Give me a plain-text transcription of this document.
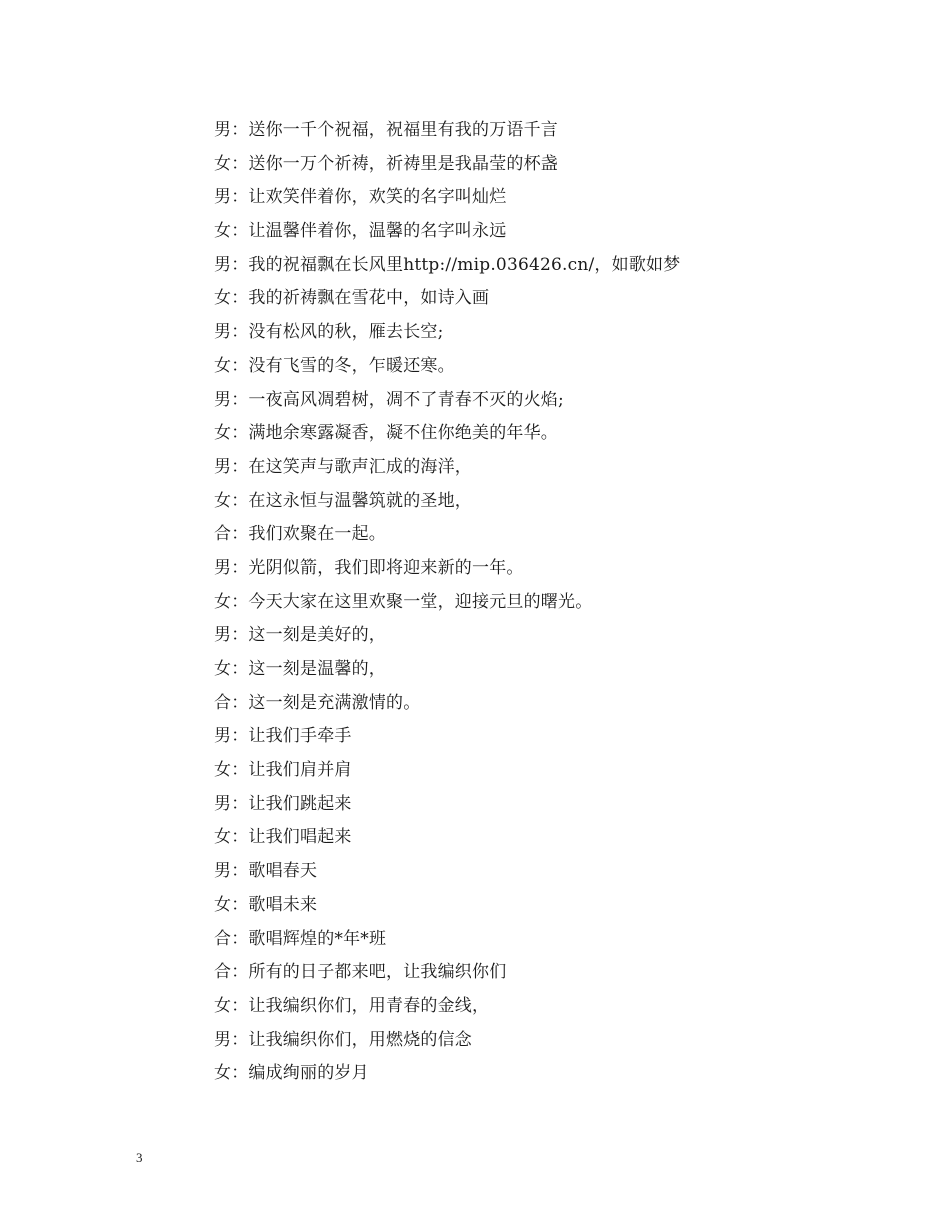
男：送你一千个祝福，祝福里有我的万语千言
女：送你一万个祈祷，祈祷里是我晶莹的杯盏
男：让欢笑伴着你，欢笑的名字叫灿烂
女：让温馨伴着你，温馨的名字叫永远
男：我的祝福飘在长风里http://mip.036426.cn/，如歌如梦
女：我的祈祷飘在雪花中，如诗入画
男：没有松风的秋，雁去长空;
女：没有飞雪的冬，乍暖还寒。
男：一夜高风凋碧树，凋不了青春不灭的火焰;
女：满地余寒露凝香，凝不住你绝美的年华。
男：在这笑声与歌声汇成的海洋，
女：在这永恒与温馨筑就的圣地，
合：我们欢聚在一起。
男：光阴似箭，我们即将迎来新的一年。
女：今天大家在这里欢聚一堂，迎接元旦的曙光。
男：这一刻是美好的，
女：这一刻是温馨的，
合：这一刻是充满激情的。
男：让我们手牵手
女：让我们肩并肩
男：让我们跳起来
女：让我们唱起来
男：歌唱春天
女：歌唱未来
合：歌唱辉煌的*年*班
合：所有的日子都来吧，让我编织你们
女：让我编织你们，用青春的金线，
男：让我编织你们，用燃烧的信念
女：编成绚丽的岁月
3
